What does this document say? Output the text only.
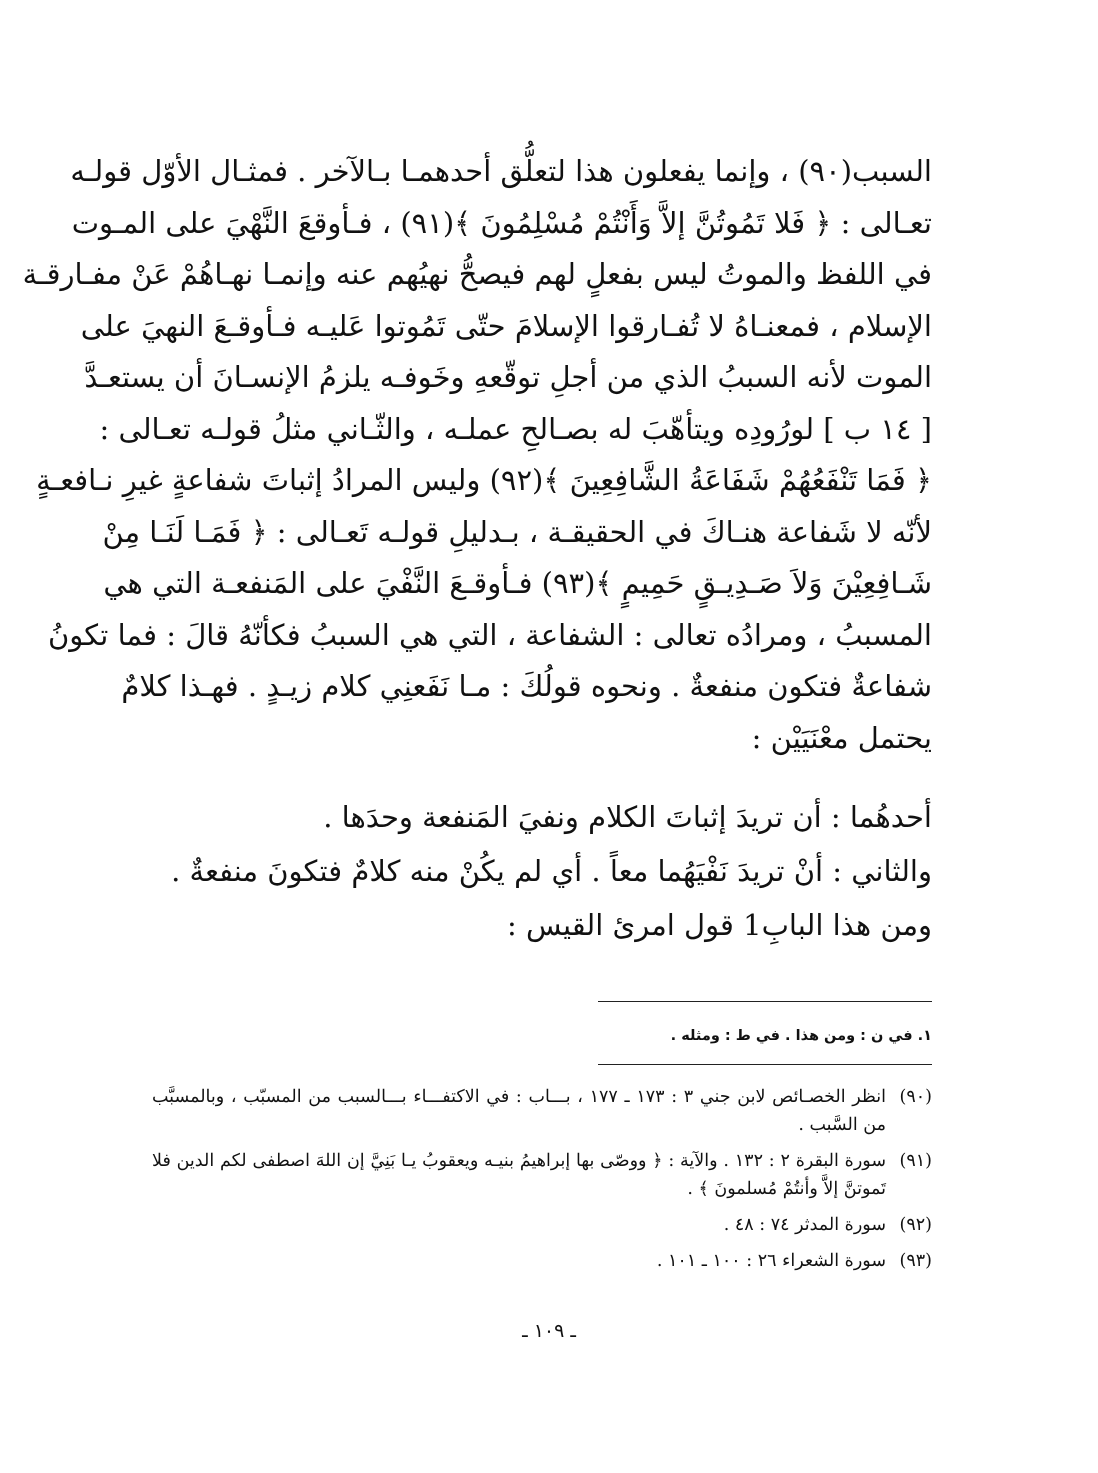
السبب(٩٠) ، وإنما يفعلون هذا لتعلُّق أحدهمـا بـالآخر . فمثـال الأوّل قولـه
تعـالى : ﴿ فَلا تَمُوتُنَّ إلاَّ وَأَنْتُمْ مُسْلِمُونَ ﴾(٩١) ، فـأوقعَ النَّهْيَ على المـوت
في اللفظ والموتُ ليس بفعلٍ لهم فيصحُّ نهيُهم عنه وإنمـا نهـاهُمْ عَنْ مفـارقـة
الإسلام ، فمعنـاهُ لا تُفـارقوا الإسلامَ حتّى تَمُوتوا عَليـه فـأوقـعَ النهيَ على
الموت لأنه السببُ الذي من أجلِ توقّعهِ وخَوفـه يلزمُ الإنسـانَ أن يستعـدَّ
[ ١٤ ب ] لورُودِه ويتأهّبَ له بصـالحِ عملـه ، والثّـاني مثلُ قولـه تعـالى :
﴿ فَمَا تَنْفَعُهُمْ شَفَاعَةُ الشَّافِعِينَ ﴾(٩٢) وليس المرادُ إثباتَ شفاعةٍ غيرِ نـافعـةٍ
لأنّه لا شَفاعة هنـاكَ في الحقيقـة ، بـدليلِ قولـه تَعـالى : ﴿ فَمَـا لَنَـا مِنْ
شَـافِعِيْنَ وَلاَ صَـدِيـقٍ حَمِيمٍ ﴾(٩٣) فـأوقـعَ النَّفْيَ على المَنفعـة التي هي
المسببُ ، ومرادُه تعالى : الشفاعة ، التي هي السببُ فكأنّهُ قالَ : فما تكونُ
شفاعةٌ فتكون منفعةٌ . ونحوه قولُكَ : مـا نَفَعنِي كلام زيـدٍ . فهـذا كلامٌ
يحتمل معْنَيَيْن :
أحدهُما : أن تريدَ إثباتَ الكلام ونفيَ المَنفعة وحدَها .
والثاني : أنْ تريدَ نَفْيَهُما معاً . أي لم يكُنْ منه كلامٌ فتكونَ منفعةٌ .
ومن هذا البابِ1 قول امرئ القيس :
١. في ن : ومن هذا . في ط : ومثله .
(٩٠)
انظر الخصـائص لابن جني ٣ : ١٧٣ ـ ١٧٧ ، بـــاب : في الاكتفـــاء بـــالسبب من المسبّب ، وبالمسبَّب من السَّبب .
(٩١)
سورة البقرة ٢ : ١٣٢ . والآية : ﴿ ووصّى بها إبراهيمُ بنيـه ويعقوبُ يـا بَنِيَّ إن اللهَ اصطفى لكم الدين فلا تَموتنَّ إلاَّ وأنتُمْ مُسلمونَ ﴾ .
(٩٢)
سورة المدثر ٧٤ : ٤٨ .
(٩٣)
سورة الشعراء ٢٦ : ١٠٠ ـ ١٠١ .
ـ ١٠٩ ـ
